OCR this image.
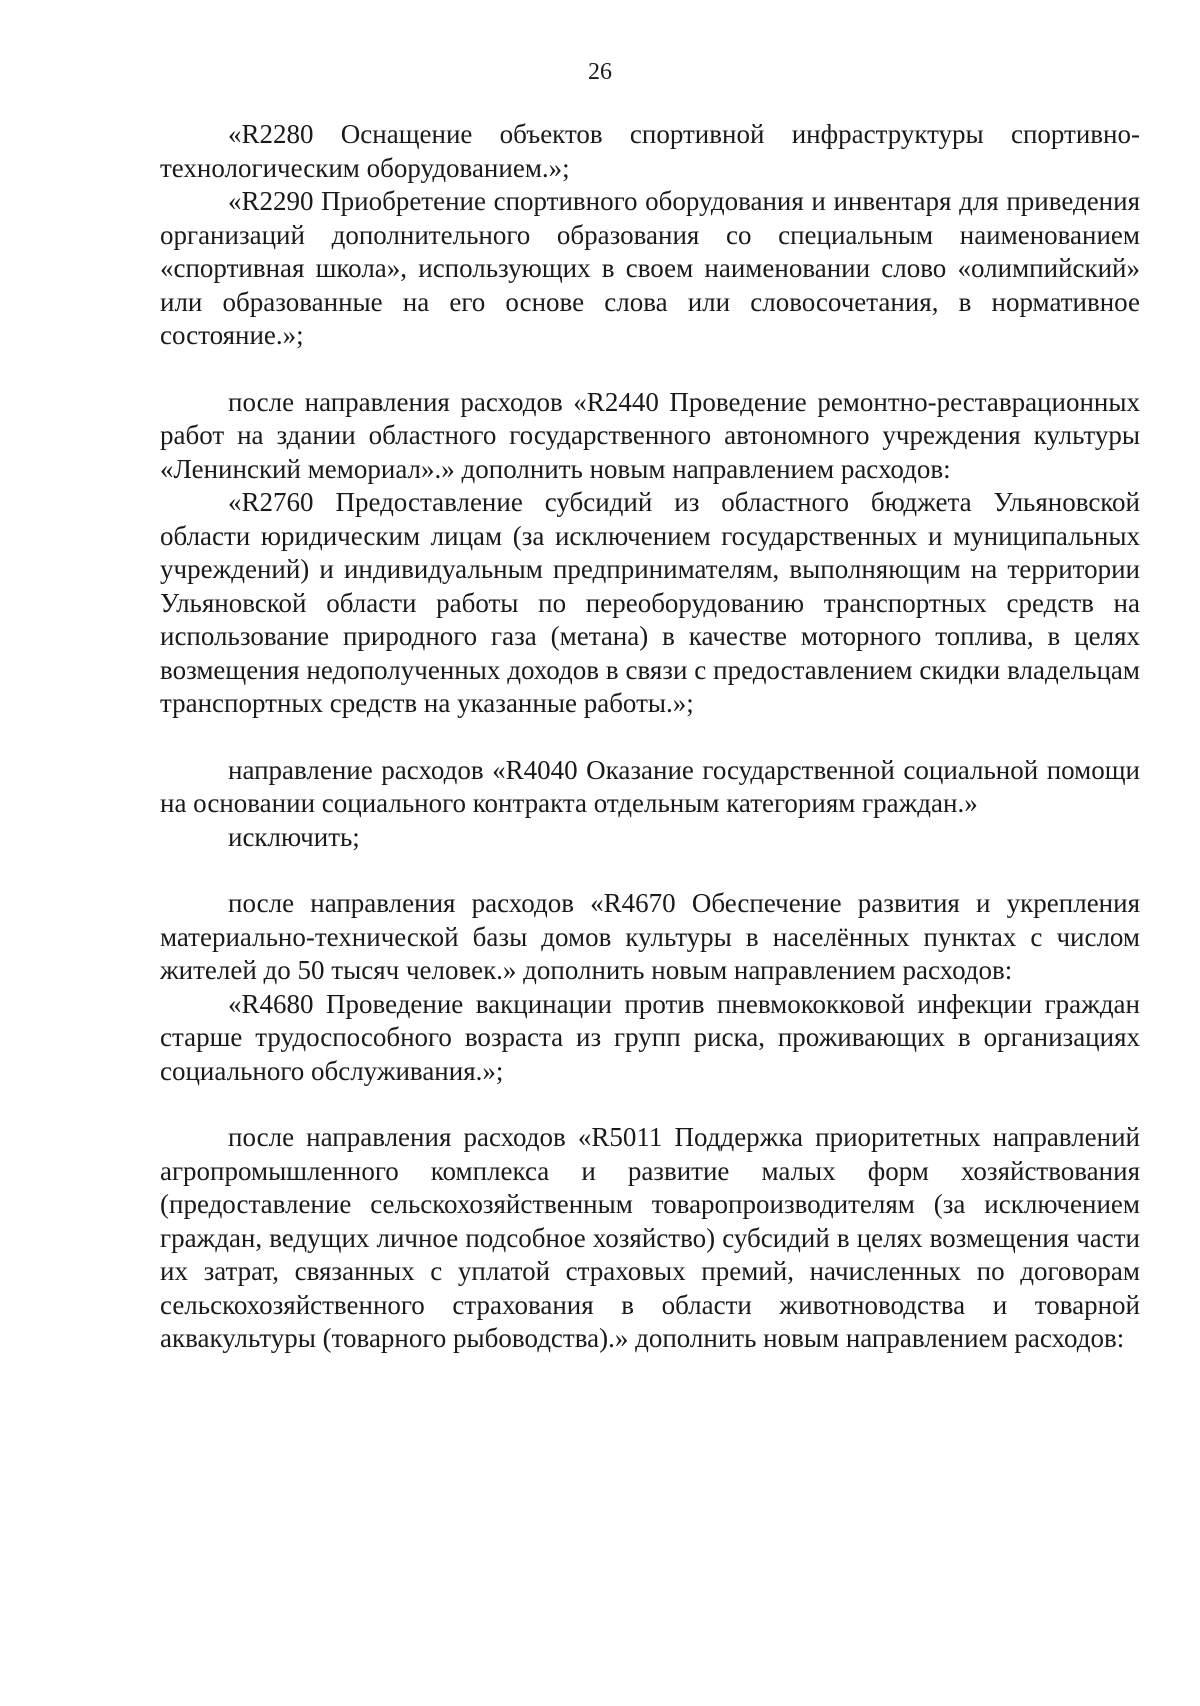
26

«R2280 Оснащение объектов спортивной инфраструктуры спортивно-технологическим оборудованием.»;

«R2290 Приобретение спортивного оборудования и инвентаря для приведения организаций дополнительного образования со специальным наименованием «спортивная школа», использующих в своем наименовании слово «олимпийский» или образованные на его основе слова или словосочетания, в нормативное состояние.»;

после направления расходов «R2440 Проведение ремонтно-реставрационных работ на здании областного государственного автономного учреждения культуры «Ленинский мемориал».» дополнить новым направлением расходов:

«R2760 Предоставление субсидий из областного бюджета Ульяновской области юридическим лицам (за исключением государственных и муниципальных учреждений) и индивидуальным предпринимателям, выполняющим на территории Ульяновской области работы по переоборудованию транспортных средств на использование природного газа (метана) в качестве моторного топлива, в целях возмещения недополученных доходов в связи с предоставлением скидки владельцам транспортных средств на указанные работы.»;

направление расходов «R4040 Оказание государственной социальной помощи на основании социального контракта отдельным категориям граждан.»

исключить;

после направления расходов «R4670 Обеспечение развития и укрепления материально-технической базы домов культуры в населённых пунктах с числом жителей до 50 тысяч человек.» дополнить новым направлением расходов:

«R4680 Проведение вакцинации против пневмококковой инфекции граждан старше трудоспособного возраста из групп риска, проживающих в организациях социального обслуживания.»;

после направления расходов «R5011 Поддержка приоритетных направлений агропромышленного комплекса и развитие малых форм хозяйствования (предоставление сельскохозяйственным товаропроизводителям (за исключением граждан, ведущих личное подсобное хозяйство) субсидий в целях возмещения части их затрат, связанных с уплатой страховых премий, начисленных по договорам сельскохозяйственного страхования в области животноводства и товарной аквакультуры (товарного рыбоводства).» дополнить новым направлением расходов:
